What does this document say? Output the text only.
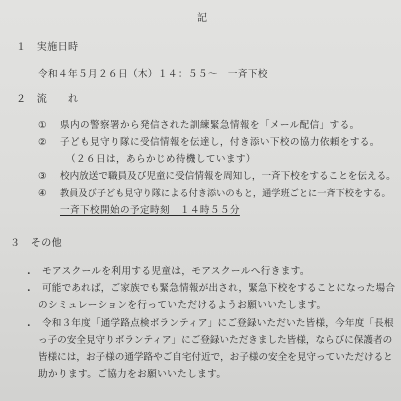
記
１　実施日時
令和４年５月２６日（木）１４：５５〜　一斉下校
２　流　　れ
① 県内の警察署から発信された訓練緊急情報を「メール配信」する。
② 子ども見守り隊に受信情報を伝達し，付き添い下校の協力依頼をする。
（２６日は，あらかじめ待機しています）
③ 校内放送で職員及び児童に受信情報を周知し，一斉下校をすることを伝える。
④ 教員及び子ども見守り隊による付き添いのもと，通学班ごとに一斉下校をする。
一斉下校開始の予定時刻　１４時５５分
３　その他
・ モアスクールを利用する児童は，モアスクールへ行きます。
・ 可能であれば，ご家族でも緊急情報が出され，緊急下校をすることになった場合
のシミュレーションを行っていただけるようお願いいたします。
・ 令和３年度「通学路点検ボランティア」にご登録いただいた皆様，今年度「長根
っ子の安全見守りボランティア」にご登録いただきました皆様，ならびに保護者の
皆様には，お子様の通学路やご自宅付近で，お子様の安全を見守っていただけると
助かります。ご協力をお願いいたします。
